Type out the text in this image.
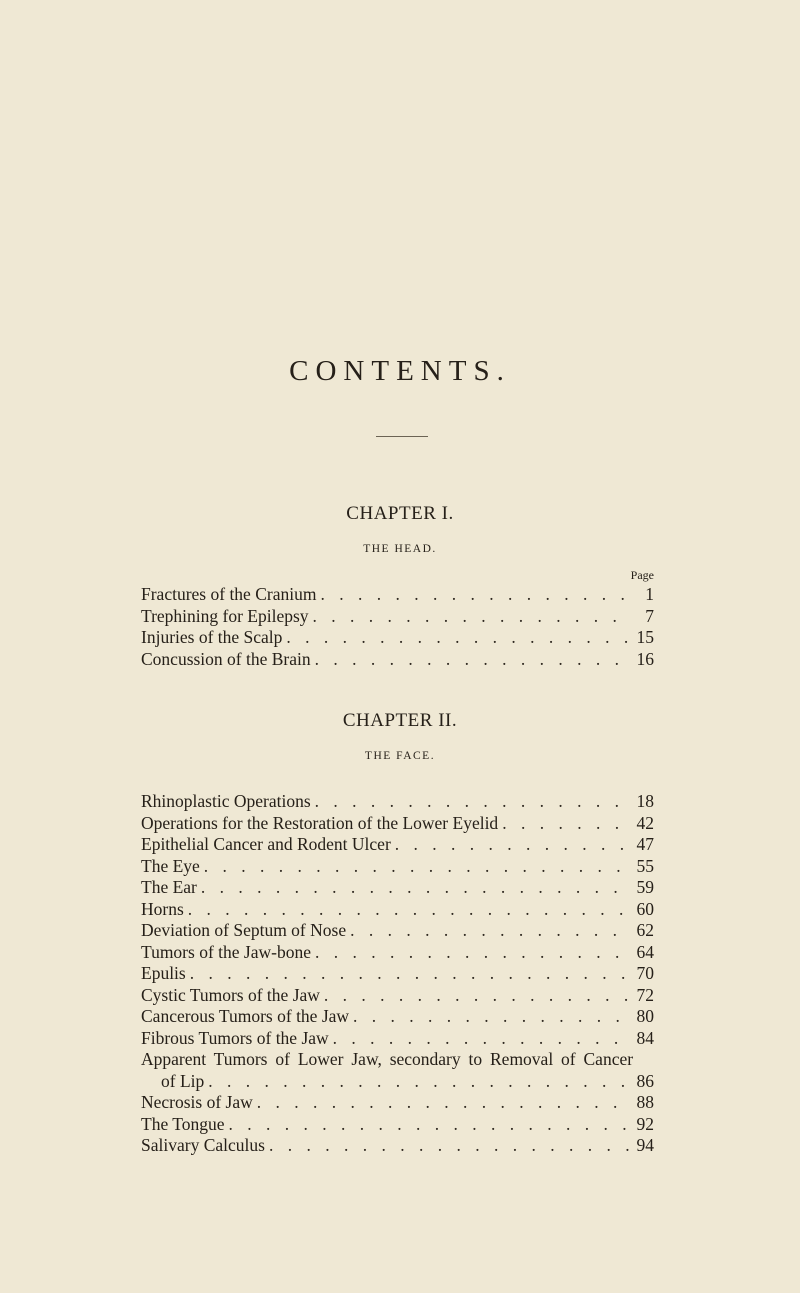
CONTENTS.
CHAPTER I.
THE HEAD.
Page
Fractures of the Cranium . . .	1
Trephining for Epilepsy . . .	7
Injuries of the Scalp . . .	15
Concussion of the Brain . . .	16
CHAPTER II.
THE FACE.
Rhinoplastic Operations . . .	18
Operations for the Restoration of the Lower Eyelid . . .	42
Epithelial Cancer and Rodent Ulcer . . .	47
The Eye . . .	55
The Ear . . .	59
Horns . . .	60
Deviation of Septum of Nose . . .	62
Tumors of the Jaw-bone . . .	64
Epulis . . .	70
Cystic Tumors of the Jaw . . .	72
Cancerous Tumors of the Jaw . . .	80
Fibrous Tumors of the Jaw . . .	84
Apparent Tumors of Lower Jaw, secondary to Removal of Cancer
of Lip . . .	86
Necrosis of Jaw . . .	88
The Tongue . . .	92
Salivary Calculus . . .	94
